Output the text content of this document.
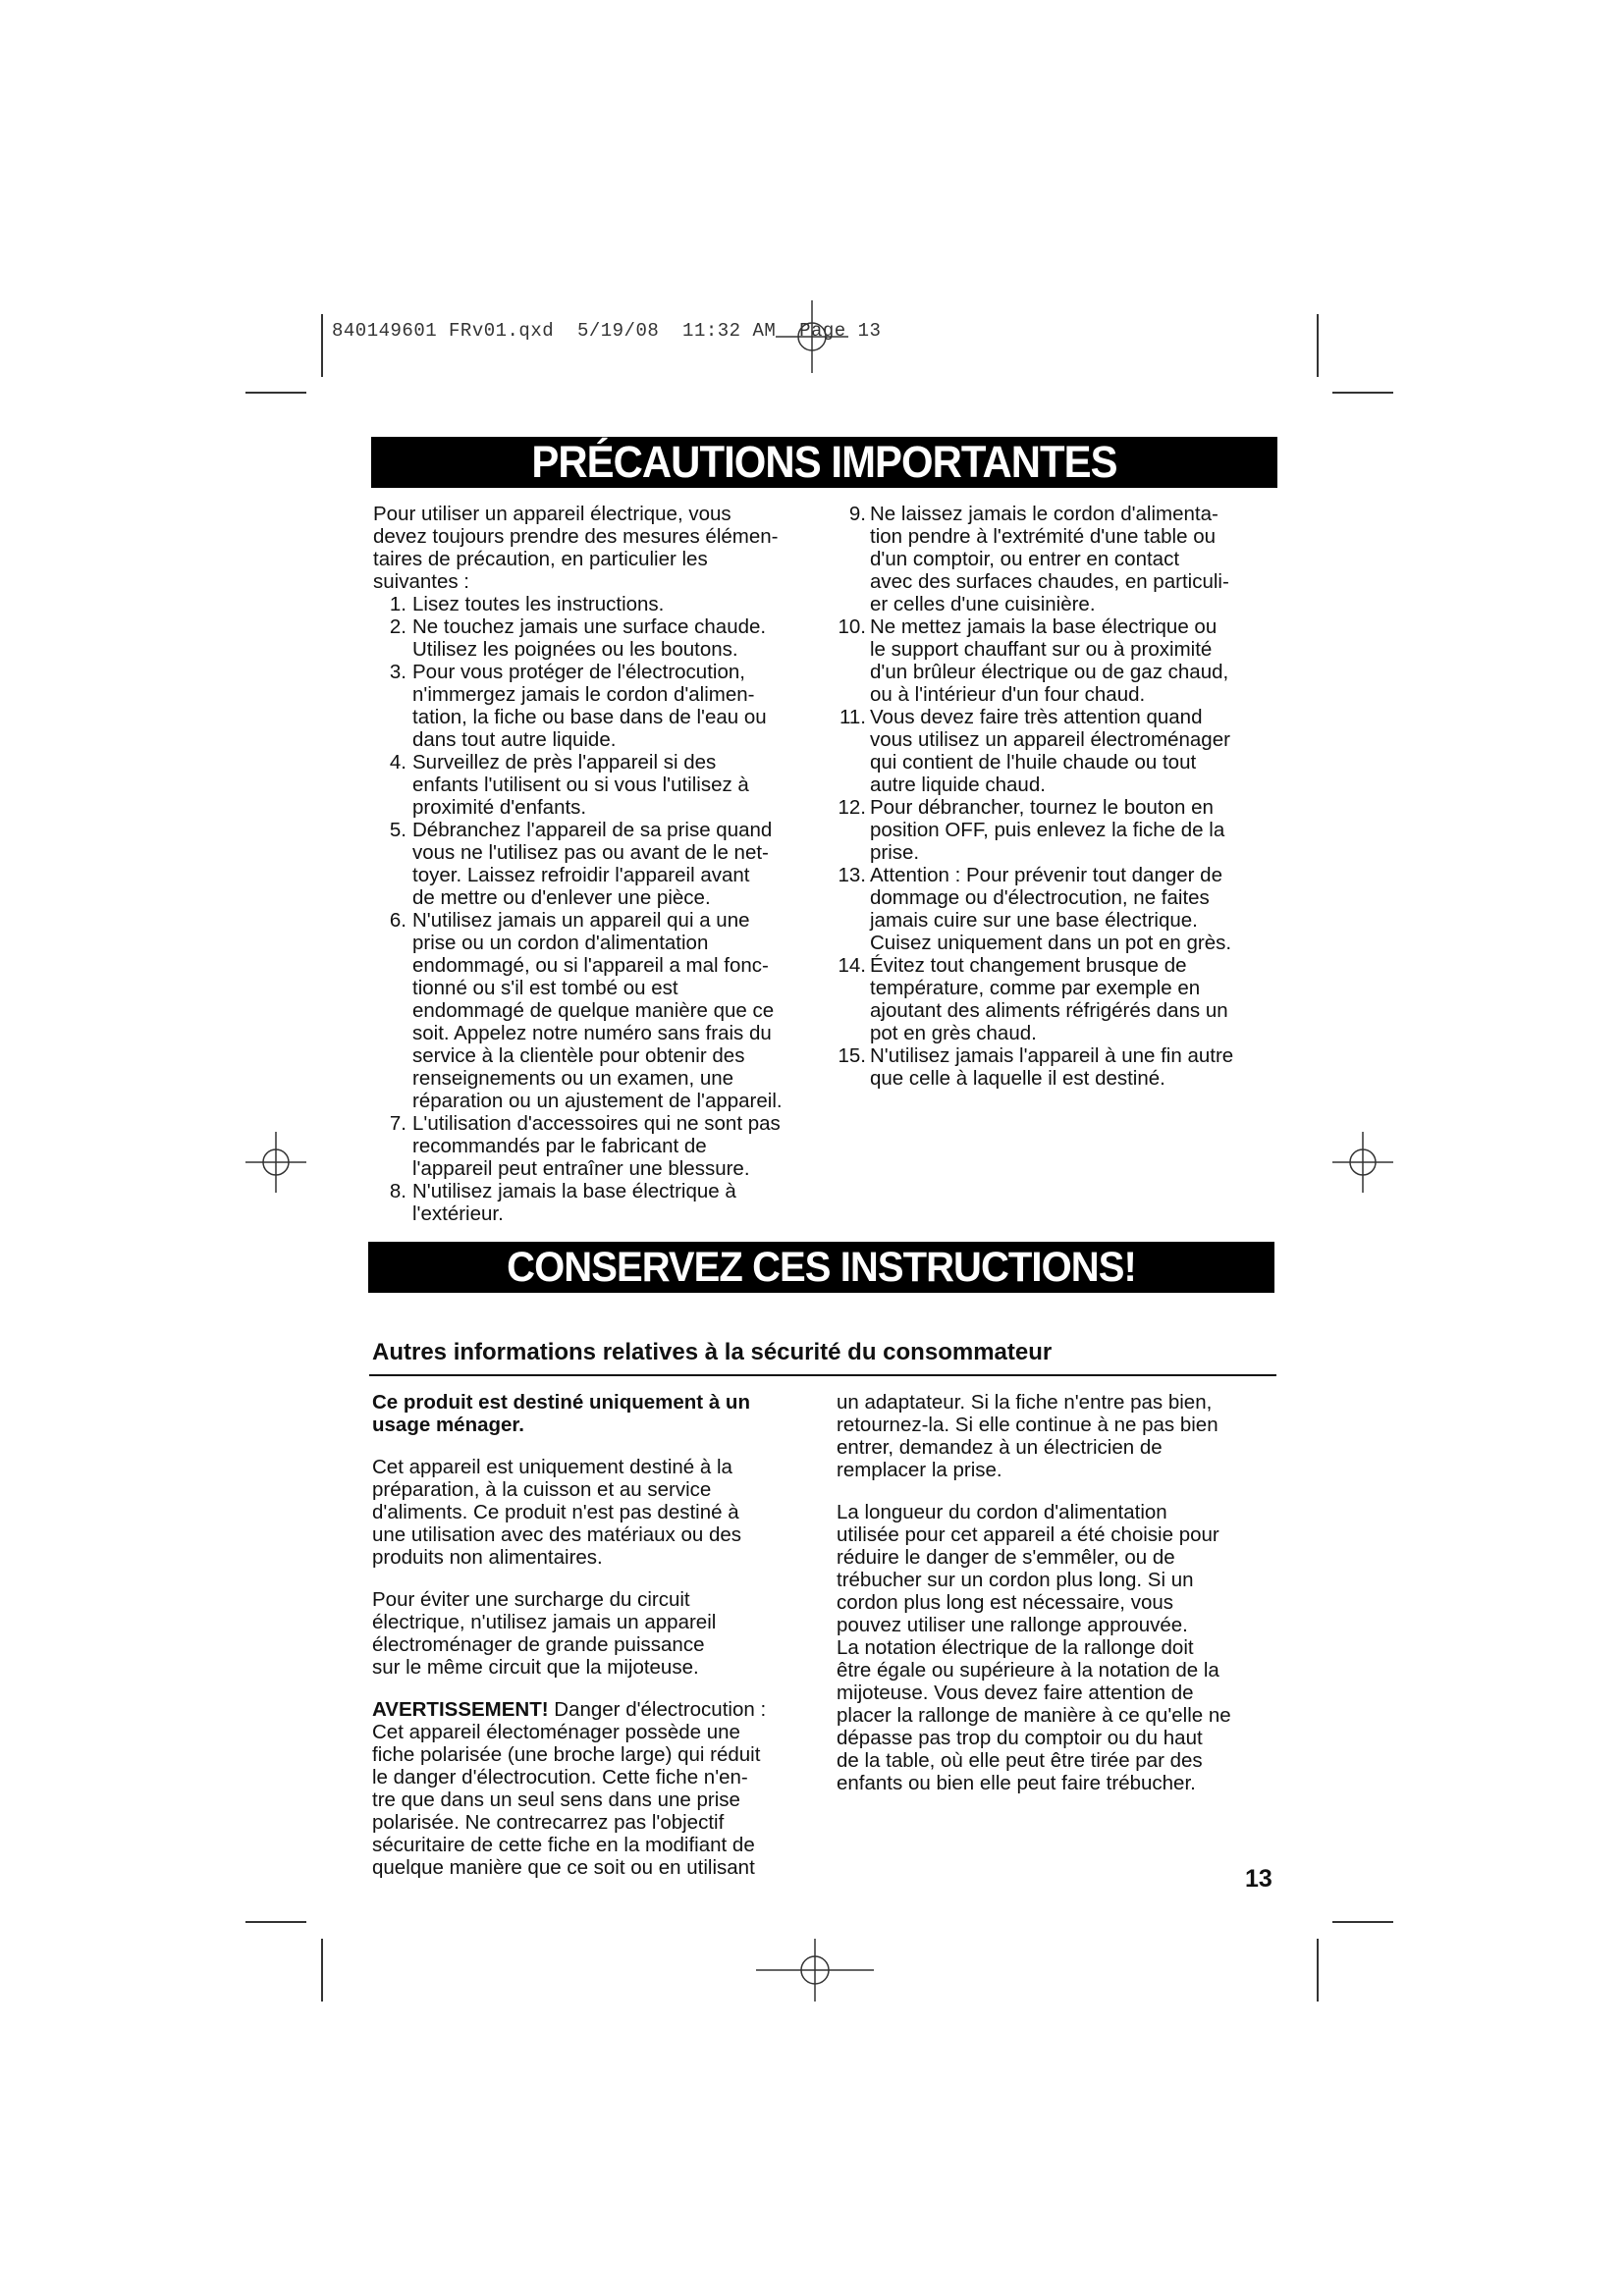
840149601 FRv01.qxd  5/19/08  11:32 AM  Page 13
PRÉCAUTIONS IMPORTANTES

Pour utiliser un appareil électrique, vous

devez toujours prendre des mesures élémen-

taires de précaution, en particulier les

suivantes :

1. Lisez toutes les instructions.

2. Ne touchez jamais une surface chaude.

Utilisez les poignées ou les boutons.

3. Pour vous protéger de l'électrocution,

n'immergez jamais le cordon d'alimen-

tation, la fiche ou base dans de l'eau ou

dans tout autre liquide.

4. Surveillez de près l'appareil si des

enfants l'utilisent ou si vous l'utilisez à

proximité d'enfants.

5. Débranchez l'appareil de sa prise quand

vous ne l'utilisez pas ou avant de le net-

toyer. Laissez refroidir l'appareil avant

de mettre ou d'enlever une pièce.

6. N'utilisez jamais un appareil qui a une

prise ou un cordon d'alimentation

endommagé, ou si l'appareil a mal fonc-

tionné ou s'il est tombé ou est

endommagé de quelque manière que ce

soit. Appelez notre numéro sans frais du

service à la clientèle pour obtenir des

renseignements ou un examen, une

réparation ou un ajustement de l'appareil.

7. L'utilisation d'accessoires qui ne sont pas

recommandés par le fabricant de

l'appareil peut entraîner une blessure.

8. N'utilisez jamais la base électrique à

l'extérieur.

9. Ne laissez jamais le cordon d'alimenta-

tion pendre à l'extrémité d'une table ou

d'un comptoir, ou entrer en contact

avec des surfaces chaudes, en particuli-

er celles d'une cuisinière.

10. Ne mettez jamais la base électrique ou

le support chauffant sur ou à proximité

d'un brûleur électrique ou de gaz chaud,

ou à l'intérieur d'un four chaud.

11. Vous devez faire très attention quand

vous utilisez un appareil électroménager

qui contient de l'huile chaude ou tout

autre liquide chaud.

12. Pour débrancher, tournez le bouton en

position OFF, puis enlevez la fiche de la

prise.

13. Attention : Pour prévenir tout danger de

dommage ou d'électrocution, ne faites

jamais cuire sur une base électrique.

Cuisez uniquement dans un pot en grès.

14. Évitez tout changement brusque de

température, comme par exemple en

ajoutant des aliments réfrigérés dans un

pot en grès chaud.

15. N'utilisez jamais l'appareil à une fin autre

que celle à laquelle il est destiné.

CONSERVEZ CES INSTRUCTIONS!
Autres informations relatives à la sécurité du consommateur

Ce produit est destiné uniquement à un

usage ménager.

Cet appareil est uniquement destiné à la

préparation, à la cuisson et au service

d'aliments. Ce produit n'est pas destiné à

une utilisation avec des matériaux ou des

produits non alimentaires.

Pour éviter une surcharge du circuit

électrique, n'utilisez jamais un appareil

électroménager de grande puissance

sur le même circuit que la mijoteuse.

AVERTISSEMENT! Danger d'électrocution :

Cet appareil électoménager possède une

fiche polarisée (une broche large) qui réduit

le danger d'électrocution. Cette fiche n'en-

tre que dans un seul sens dans une prise

polarisée. Ne contrecarrez pas l'objectif

sécuritaire de cette fiche en la modifiant de

quelque manière que ce soit ou en utilisant

un adaptateur. Si la fiche n'entre pas bien,

retournez-la. Si elle continue à ne pas bien

entrer, demandez à un électricien de

remplacer la prise.

La longueur du cordon d'alimentation

utilisée pour cet appareil a été choisie pour

réduire le danger de s'emmêler, ou de

trébucher sur un cordon plus long. Si un

cordon plus long est nécessaire, vous

pouvez utiliser une rallonge approuvée.

La notation électrique de la rallonge doit

être égale ou supérieure à la notation de la

mijoteuse. Vous devez faire attention de

placer la rallonge de manière à ce qu'elle ne

dépasse pas trop du comptoir ou du haut

de la table, où elle peut être tirée par des

enfants ou bien elle peut faire trébucher.

13
